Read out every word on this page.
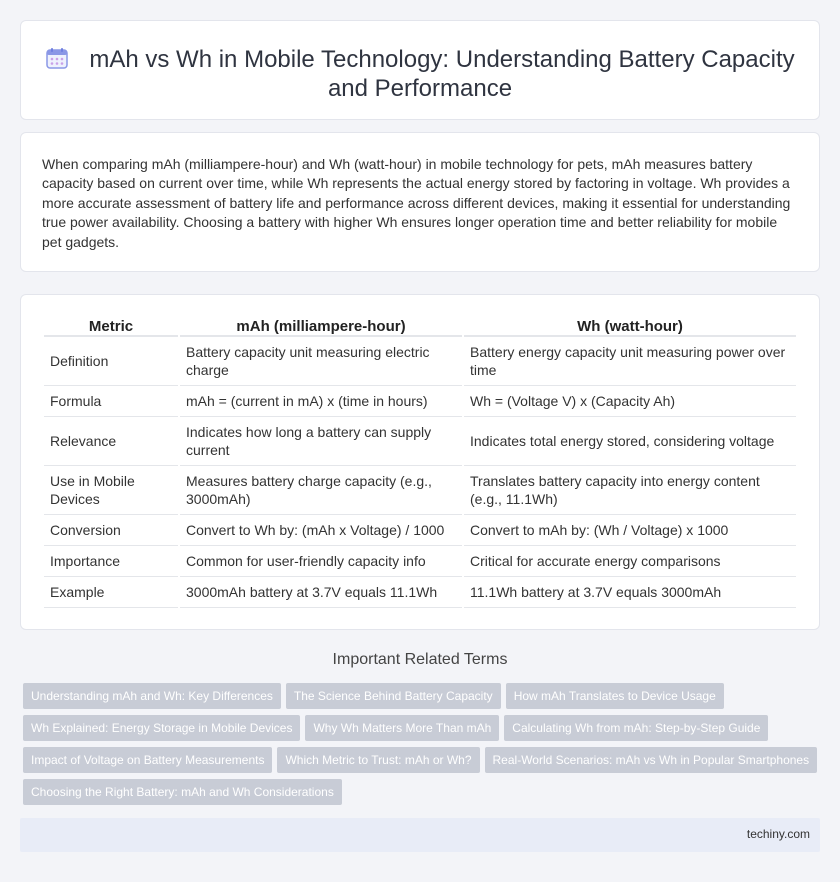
mAh vs Wh in Mobile Technology: Understanding Battery Capacity and Performance

When comparing mAh (milliampere-hour) and Wh (watt-hour) in mobile technology for pets, mAh measures battery capacity based on current over time, while Wh represents the actual energy stored by factoring in voltage. Wh provides a more accurate assessment of battery life and performance across different devices, making it essential for understanding true power availability. Choosing a battery with higher Wh ensures longer operation time and better reliability for mobile pet gadgets.

Metric	mAh (milliampere-hour)	Wh (watt-hour)
Definition	Battery capacity unit measuring electric charge	Battery energy capacity unit measuring power over time
Formula	mAh = (current in mA) x (time in hours)	Wh = (Voltage V) x (Capacity Ah)
Relevance	Indicates how long a battery can supply current	Indicates total energy stored, considering voltage
Use in Mobile Devices	Measures battery charge capacity (e.g., 3000mAh)	Translates battery capacity into energy content (e.g., 11.1Wh)
Conversion	Convert to Wh by: (mAh x Voltage) / 1000	Convert to mAh by: (Wh / Voltage) x 1000
Importance	Common for user-friendly capacity info	Critical for accurate energy comparisons
Example	3000mAh battery at 3.7V equals 11.1Wh	11.1Wh battery at 3.7V equals 3000mAh
Important Related Terms
Understanding mAh and Wh: Key Differences	The Science Behind Battery Capacity	How mAh Translates to Device Usage
Wh Explained: Energy Storage in Mobile Devices	Why Wh Matters More Than mAh	Calculating Wh from mAh: Step-by-Step Guide
Impact of Voltage on Battery Measurements	Which Metric to Trust: mAh or Wh?	Real-World Scenarios: mAh vs Wh in Popular Smartphones
Choosing the Right Battery: mAh and Wh Considerations
techiny.com
